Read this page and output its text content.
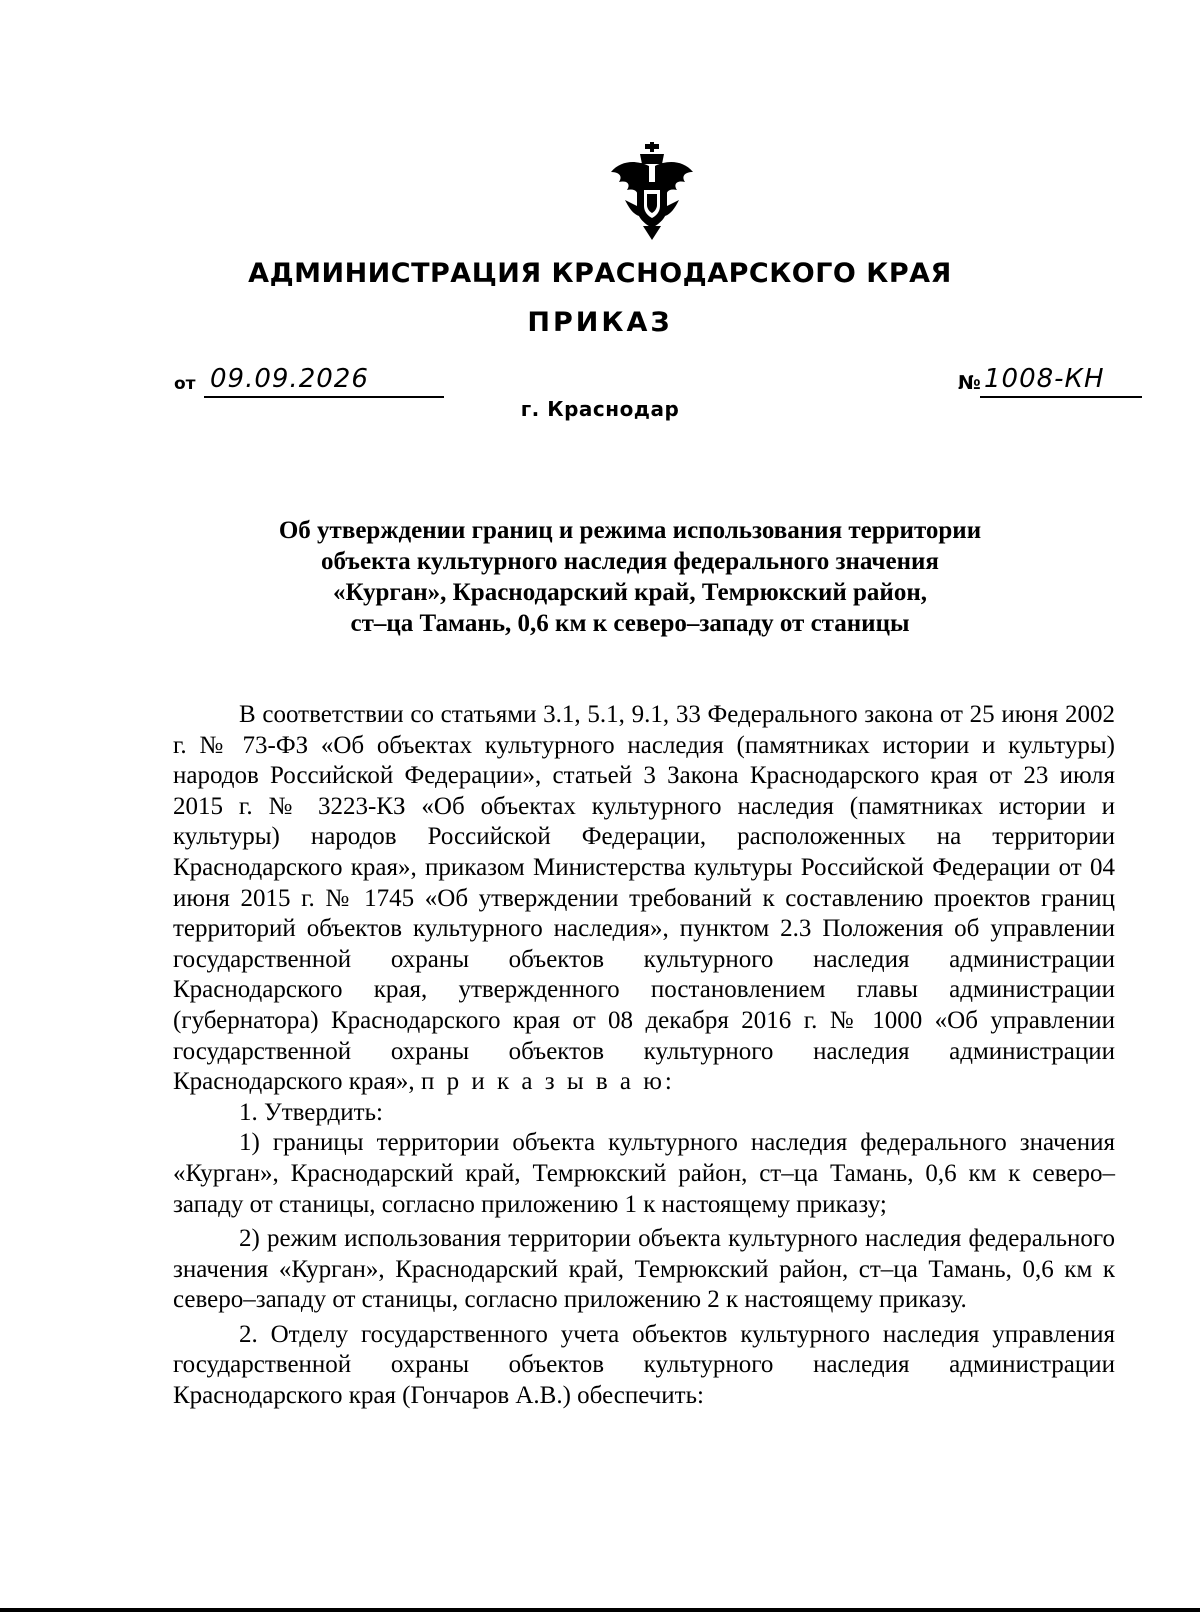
АДМИНИСТРАЦИЯ КРАСНОДАРСКОГО КРАЯ
ПРИКАЗ
от 09.09.2026	№ 1008-КН
г. Краснодар
Об утверждении границ и режима использования территории
объекта культурного наследия федерального значения
«Курган», Краснодарский край, Темрюкский район,
ст–ца Тамань, 0,6 км к северо–западу от станицы

В соответствии со статьями 3.1, 5.1, 9.1, 33 Федерального закона от 25 июня 2002 г. № 73-ФЗ «Об объектах культурного наследия (памятниках истории и культуры) народов Российской Федерации», статьей 3 Закона Краснодарского края от 23 июля 2015 г. № 3223-КЗ «Об объектах культурного наследия (памятниках истории и культуры) народов Российской Федерации, расположенных на территории Краснодарского края», приказом Министерства культуры Российской Федерации от 04 июня 2015 г. № 1745 «Об утверждении требований к составлению проектов границ территорий объектов культурного наследия», пунктом 2.3 Положения об управлении государственной охраны объектов культурного наследия администрации Краснодарского края, утвержденного постановлением главы администрации (губернатора) Краснодарского края от 08 декабря 2016 г. № 1000 «Об управлении государственной охраны объектов культурного наследия администрации Краснодарского края», п р и к а з ы в а ю:

1. Утвердить:

1) границы территории объекта культурного наследия федерального значения «Курган», Краснодарский край, Темрюкский район, ст–ца Тамань, 0,6 км к северо–западу от станицы, согласно приложению 1 к настоящему приказу;

2) режим использования территории объекта культурного наследия федерального значения «Курган», Краснодарский край, Темрюкский район, ст–ца Тамань, 0,6 км к северо–западу от станицы, согласно приложению 2 к настоящему приказу.

2. Отделу государственного учета объектов культурного наследия управления государственной охраны объектов культурного наследия администрации Краснодарского края (Гончаров А.В.) обеспечить:
